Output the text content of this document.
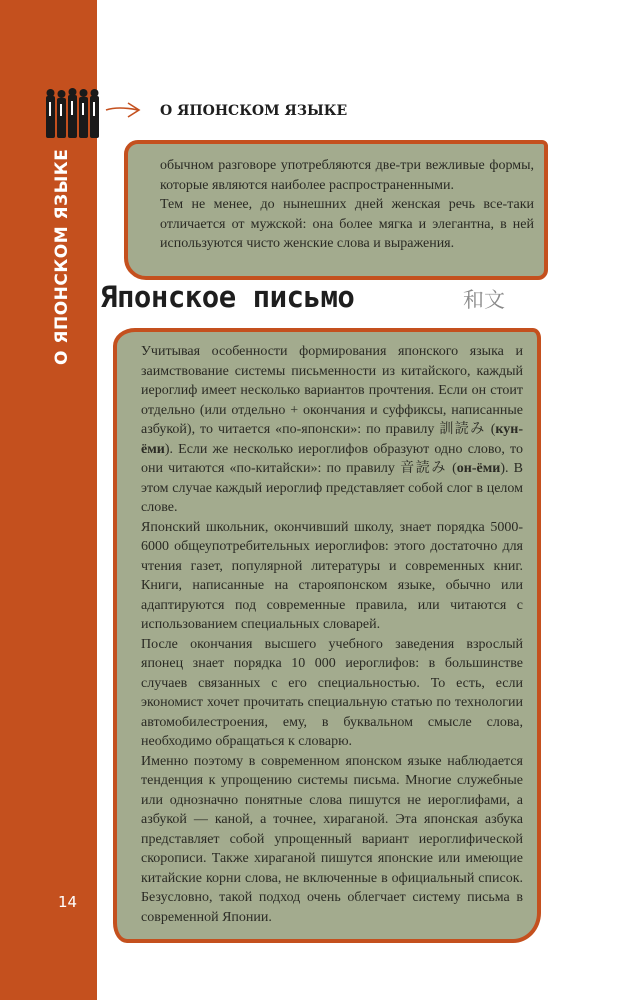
О ЯПОНСКОМ ЯЗЫКЕ
14
О ЯПОНСКОМ ЯЗЫКЕ

обычном разговоре употребляются две-три вежливые формы, которые являются наиболее распространенными.

Тем не менее, до нынешних дней женская речь все-таки отличается от мужской: она более мягка и элегантна, в ней используются чисто женские слова и выражения.

Японское письмо	和文

Учитывая особенности формирования японского языка и заимствование системы письменности из китайского, каждый иероглиф имеет несколько вариантов прочтения. Если он стоит отдельно (или отдельно + окончания и суффиксы, написанные азбукой), то читается «по-японски»: по правилу 訓読み (кун-ёми). Если же несколько иероглифов образуют одно слово, то они читаются «по-китайски»: по правилу 音読み (он-ёми). В этом случае каждый иероглиф представляет собой слог в целом слове.

Японский школьник, окончивший школу, знает порядка 5000-6000 общеупотребительных иероглифов: этого достаточно для чтения газет, популярной литературы и современных книг. Книги, написанные на старояпонском языке, обычно или адаптируются под современные правила, или читаются с использованием специальных словарей.

После окончания высшего учебного заведения взрослый японец знает порядка 10 000 иероглифов: в большинстве случаев связанных с его специальностью. То есть, если экономист хочет прочитать специальную статью по технологии автомобилестроения, ему, в буквальном смысле слова, необходимо обращаться к словарю.

Именно поэтому в современном японском языке наблюдается тенденция к упрощению системы письма. Многие служебные или однозначно понятные слова пишутся не иероглифами, а азбукой — каной, а точнее, хираганой. Эта японская азбука представляет собой упрощенный вариант иероглифической скорописи. Также хираганой пишутся японские или имеющие китайские корни слова, не включенные в официальный список. Безусловно, такой подход очень облегчает систему письма в современной Японии.
